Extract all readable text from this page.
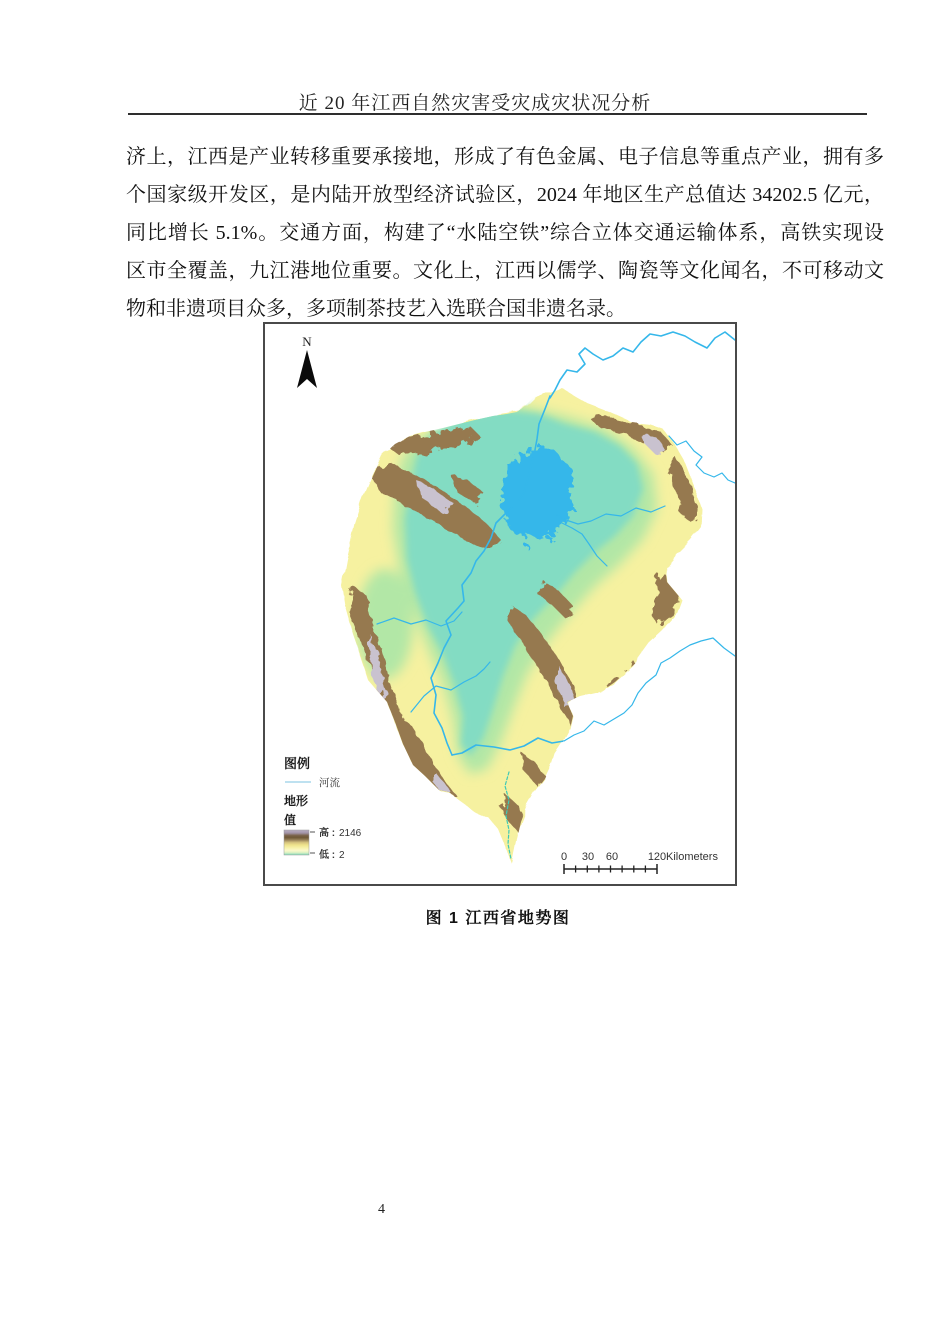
近 20 年江西自然灾害受灾成灾状况分析
济上，江西是产业转移重要承接地，形成了有色金属、电子信息等重点产业，拥有多
个国家级开发区，是内陆开放型经济试验区，2024 年地区生产总值达 34202.5 亿元，
同比增长 5.1%。交通方面，构建了“水陆空铁”综合立体交通运输体系，高铁实现设
区市全覆盖，九江港地位重要。文化上，江西以儒学、陶瓷等文化闻名，不可移动文
物和非遗项目众多，多项制茶技艺入选联合国非遗名录。
N
图例
河流
地形
值
高 : 2146
低 : 2	0 30 60	120 Kilometers
图 1 江西省地势图
4
